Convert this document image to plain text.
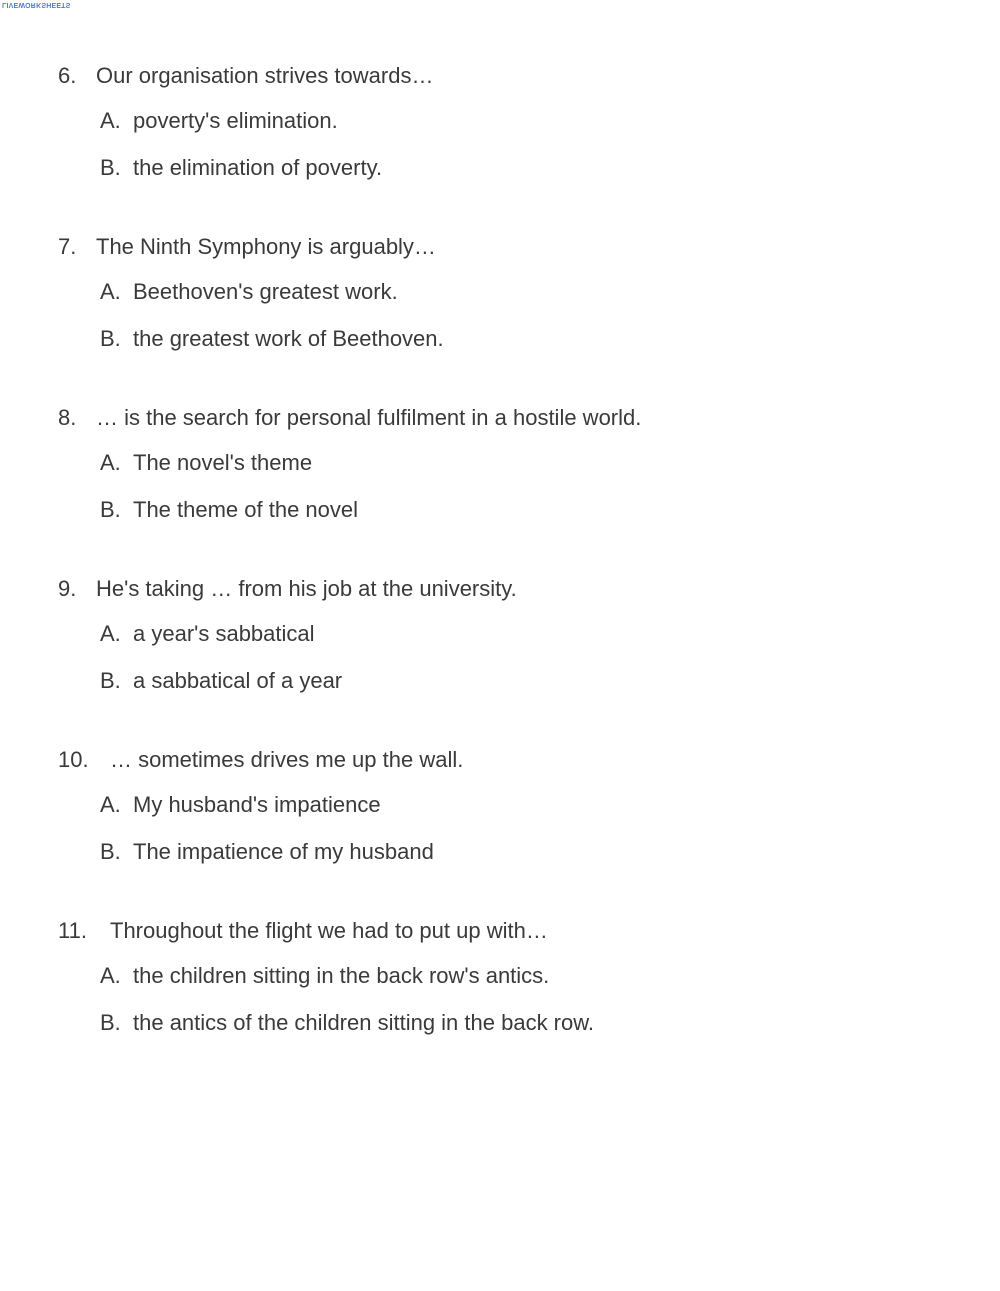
LIVEWORKSHEETS
6. Our organisation strives towards…
A. poverty's elimination.
B. the elimination of poverty.
7. The Ninth Symphony is arguably…
A. Beethoven's greatest work.
B. the greatest work of Beethoven.
8. … is the search for personal fulfilment in a hostile world.
A. The novel's theme
B. The theme of the novel
9. He's taking … from his job at the university.
A. a year's sabbatical
B. a sabbatical of a year
10. … sometimes drives me up the wall.
A. My husband's impatience
B. The impatience of my husband
11. Throughout the flight we had to put up with…
A. the children sitting in the back row's antics.
B. the antics of the children sitting in the back row.
